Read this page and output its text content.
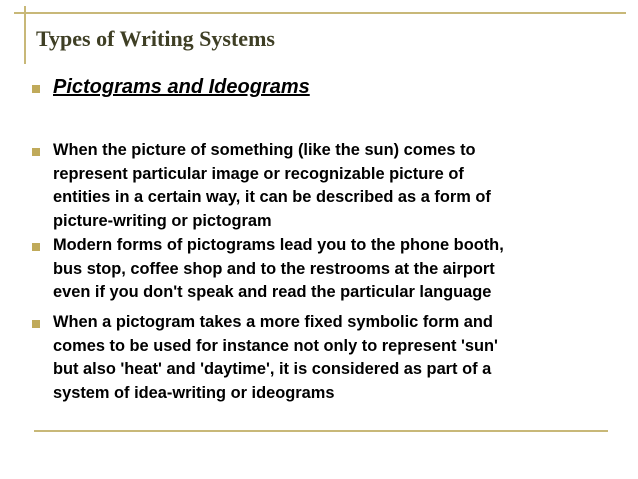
Types of Writing Systems
Pictograms and Ideograms
When the picture of something (like the sun) comes to
represent particular image or recognizable picture of
entities in a certain way, it can be described as a form of
picture-writing or pictogram
Modern forms of pictograms lead you to the phone booth,
bus stop, coffee shop and to the restrooms at the airport
even if you don't speak and read the particular language
When a pictogram takes a more fixed symbolic form and
comes to be used for instance not only to represent 'sun'
but also 'heat' and 'daytime', it is considered as part of a
system of idea-writing or ideograms
